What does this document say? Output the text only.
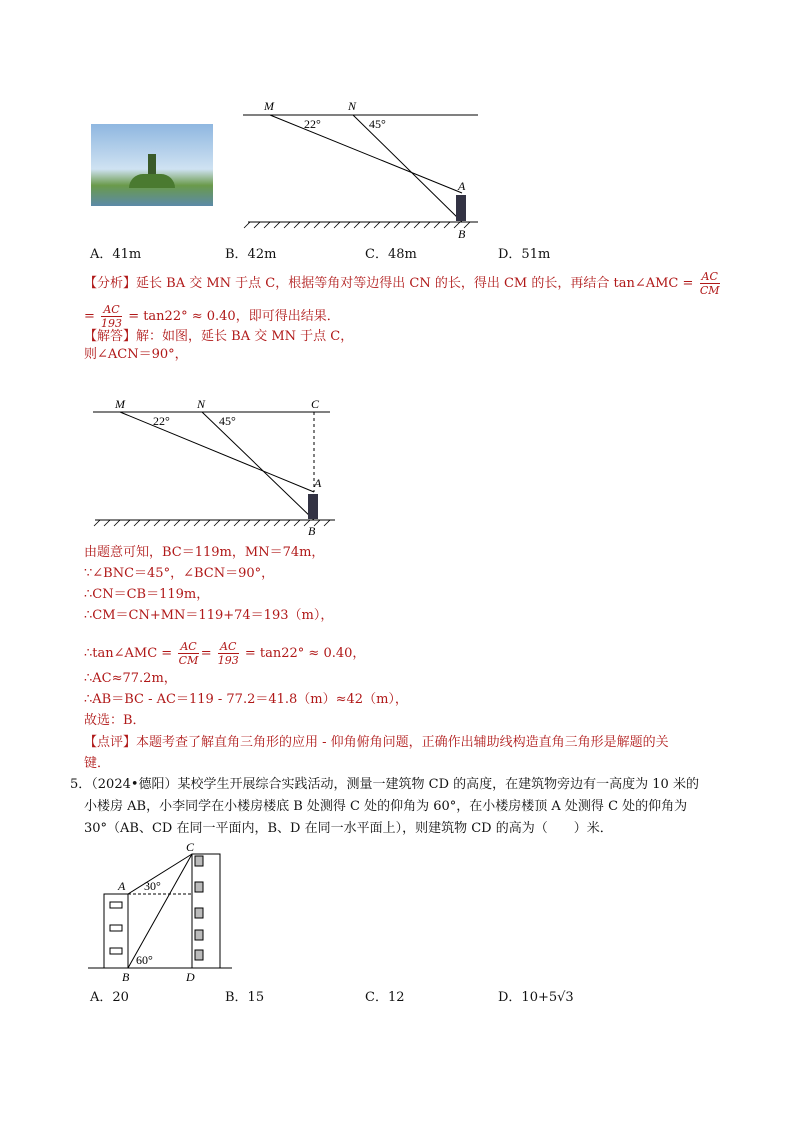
M	N
22°	45°
A
B
A．41m	B．42m	C．48m	D．51m
【分析】延长 BA 交 MN 于点 C，根据等角对等边得出 CN 的长，得出 CM 的长，再结合 tan∠AMC = $\frac{AC}{CM}$
= $\frac{AC}{193} = \tan 22^\circ \approx 0.40$，即可得出结果．
【解答】解：如图，延长 BA 交 MN 于点 C，
则∠ACN＝90°，
M	N	C
22°	45°
A
B
由题意可知，BC＝119m，MN＝74m，
∵∠BNC＝45°，∠BCN＝90°，
∴CN＝CB＝119m，
∴CM＝CN+MN＝119+74＝193（m），
∴tan∠AMC = $\frac{AC}{CM} = \frac{AC}{193} = \tan 22^\circ \approx 0.40$，
∴AC≈77.2m，
∴AB＝BC - AC＝119 - 77.2＝41.8（m）≈42（m），
故选：B．
【点评】本题考查了解直角三角形的应用 - 仰角俯角问题，正确作出辅助线构造直角三角形是解题的关
键．
5．（2024•德阳）某校学生开展综合实践活动，测量一建筑物 CD 的高度，在建筑物旁边有一高度为 10 米的
小楼房 AB，小李同学在小楼房楼底 B 处测得 C 处的仰角为 60°，在小楼房楼顶 A 处测得 C 处的仰角为
30°（AB、CD 在同一平面内，B、D 在同一水平面上），则建筑物 CD 的高为（　　）米．
A
B
C
D
30°
60°
A．20	B．15	C．12	D．10+5√3
